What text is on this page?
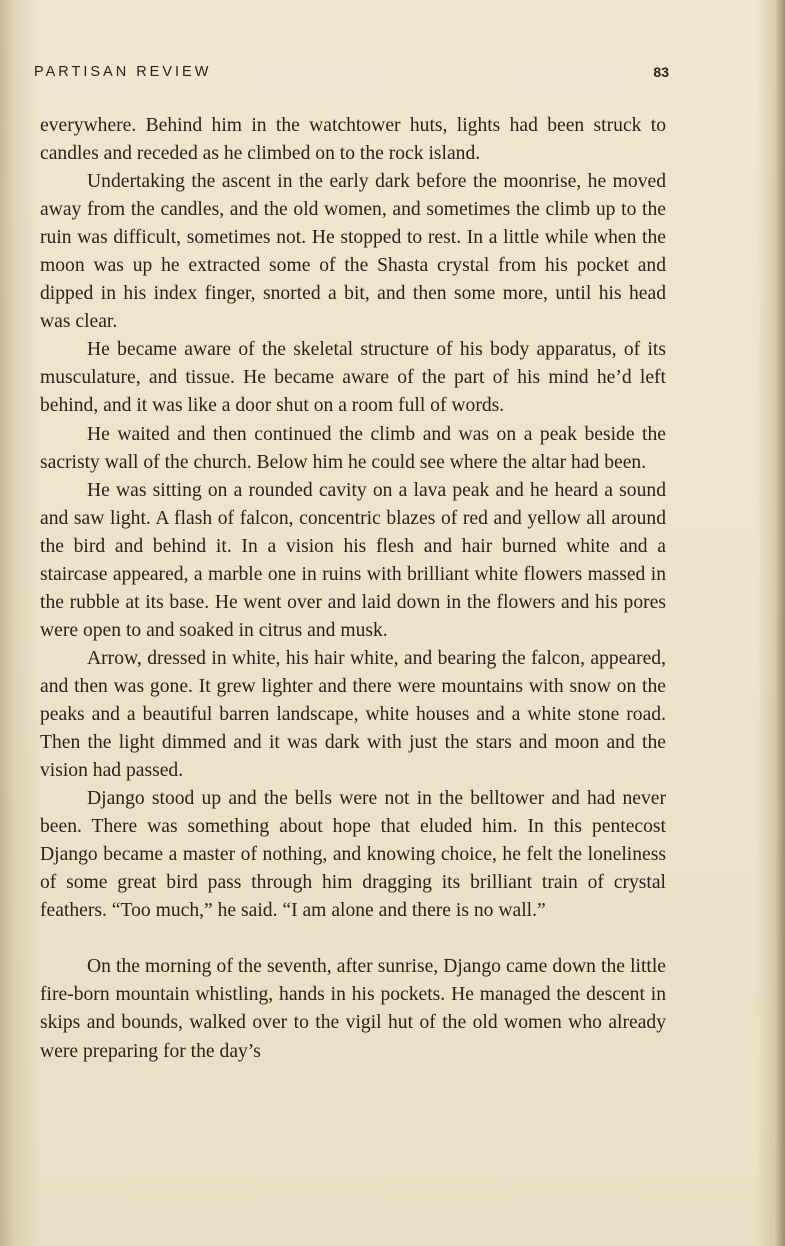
PARTISAN REVIEW	83

everywhere. Behind him in the watchtower huts, lights had been struck to candles and receded as he climbed on to the rock island.

Undertaking the ascent in the early dark before the moonrise, he moved away from the candles, and the old women, and sometimes the climb up to the ruin was difficult, sometimes not. He stopped to rest. In a little while when the moon was up he extracted some of the Shasta crystal from his pocket and dipped in his index finger, snorted a bit, and then some more, until his head was clear.

He became aware of the skeletal structure of his body apparatus, of its musculature, and tissue. He became aware of the part of his mind he’d left behind, and it was like a door shut on a room full of words.

He waited and then continued the climb and was on a peak beside the sacristy wall of the church. Below him he could see where the altar had been.

He was sitting on a rounded cavity on a lava peak and he heard a sound and saw light. A flash of falcon, concentric blazes of red and yellow all around the bird and behind it. In a vision his flesh and hair burned white and a staircase appeared, a marble one in ruins with brilliant white flowers massed in the rubble at its base. He went over and laid down in the flowers and his pores were open to and soaked in citrus and musk.

Arrow, dressed in white, his hair white, and bearing the falcon, appeared, and then was gone. It grew lighter and there were mountains with snow on the peaks and a beautiful barren landscape, white houses and a white stone road. Then the light dimmed and it was dark with just the stars and moon and the vision had passed.

Django stood up and the bells were not in the belltower and had never been. There was something about hope that eluded him. In this pentecost Django became a master of nothing, and knowing choice, he felt the loneliness of some great bird pass through him dragging its brilliant train of crystal feathers. “Too much,” he said. “I am alone and there is no wall.”

On the morning of the seventh, after sunrise, Django came down the little fire-born mountain whistling, hands in his pockets. He managed the descent in skips and bounds, walked over to the vigil hut of the old women who already were preparing for the day’s
